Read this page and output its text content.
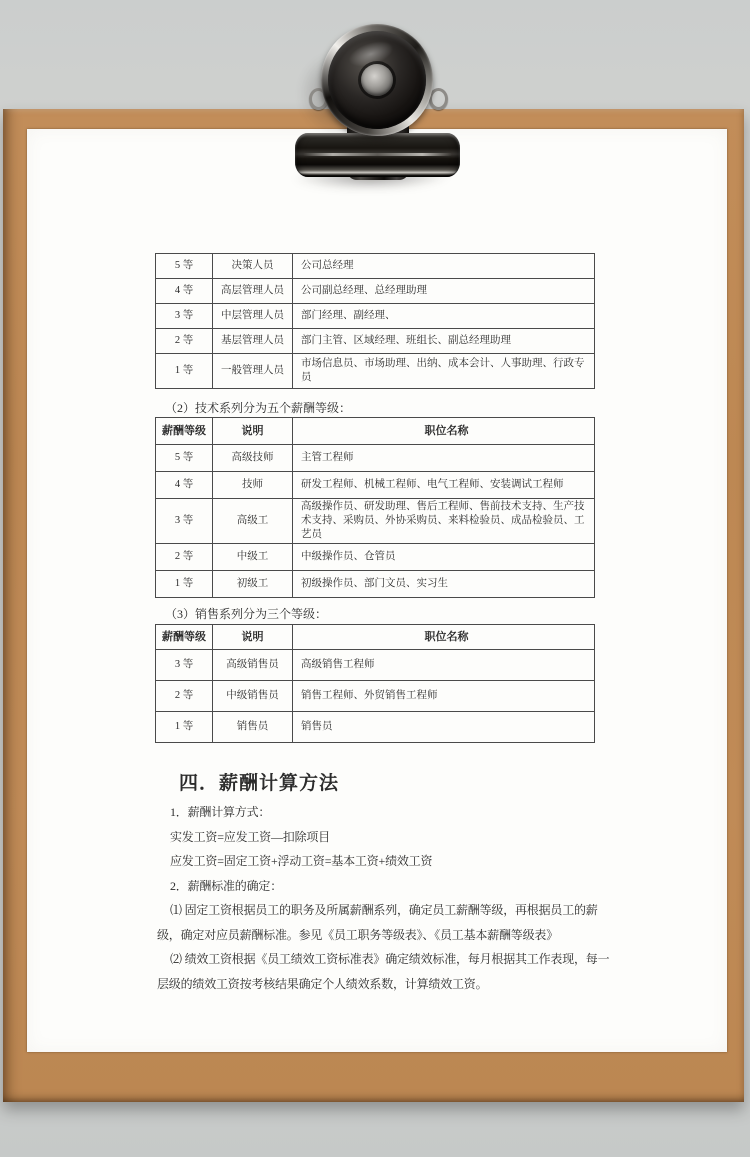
5 等	决策人员	公司总经理
4 等	高层管理人员	公司副总经理、总经理助理
3 等	中层管理人员	部门经理、副经理、
2 等	基层管理人员	部门主管、区域经理、班组长、副总经理助理
1 等	一般管理人员	市场信息员、市场助理、出纳、成本会计、人事助理、行政专员
（2）技术系列分为五个薪酬等级：
薪酬等级	说明	职位名称
5 等	高级技师	主管工程师
4 等	技师	研发工程师、机械工程师、电气工程师、安装调试工程师
3 等	高级工	高级操作员、研发助理、售后工程师、售前技术支持、生产技术支持、采购员、外协采购员、来料检验员、成品检验员、工艺员
2 等	中级工	中级操作员、仓管员
1 等	初级工	初级操作员、部门文员、实习生
（3）销售系列分为三个等级：
薪酬等级	说明	职位名称
3 等	高级销售员	高级销售工程师
2 等	中级销售员	销售工程师、外贸销售工程师
1 等	销售员	销售员
四．薪酬计算方法

1．薪酬计算方式：

实发工资=应发工资—扣除项目

应发工资=固定工资+浮动工资=基本工资+绩效工资

2．薪酬标准的确定：

⑴ 固定工资根据员工的职务及所属薪酬系列，确定员工薪酬等级，再根据员工的薪级，确定对应员薪酬标准。参见《员工职务等级表》、《员工基本薪酬等级表》

⑵ 绩效工资根据《员工绩效工资标准表》确定绩效标准，每月根据其工作表现，每一层级的绩效工资按考核结果确定个人绩效系数，计算绩效工资。
